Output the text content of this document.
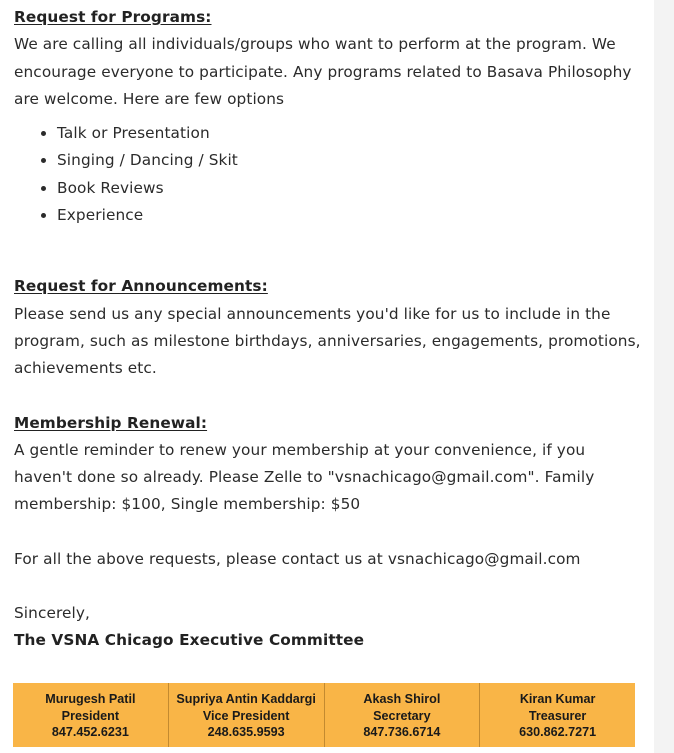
Request for Programs:

We are calling all individuals/groups who want to perform at the program. We encourage everyone to participate. Any programs related to Basava Philosophy are welcome. Here are few options

• Talk or Presentation
• Singing / Dancing / Skit
• Book Reviews
• Experience
Request for Announcements:

Please send us any special announcements you'd like for us to include in the program, such as milestone birthdays, anniversaries, engagements, promotions, achievements etc.

Membership Renewal:

A gentle reminder to renew your membership at your convenience, if you haven't done so already. Please Zelle to "vsnachicago@gmail.com". Family membership: $100, Single membership: $50

For all the above requests, please contact us at vsnachicago@gmail.com

Sincerely,

The VSNA Chicago Executive Committee

Murugesh Patil
President
847.452.6231
Supriya Antin Kaddargi
Vice President
248.635.9593
Akash Shirol
Secretary
847.736.6714
Kiran Kumar
Treasurer
630.862.7271
